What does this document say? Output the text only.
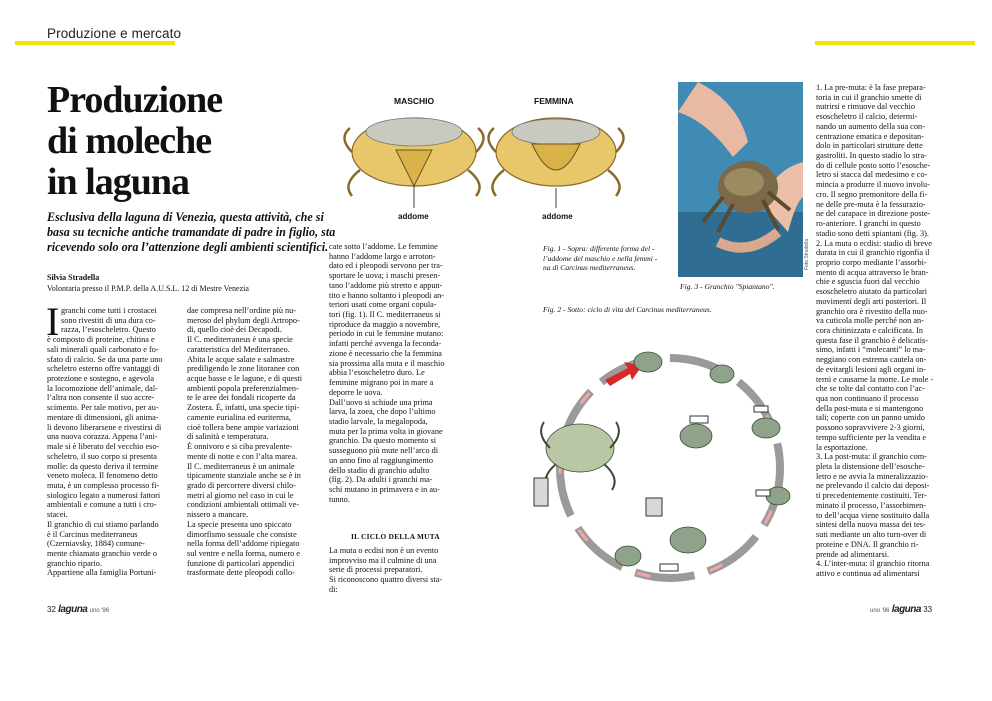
Produzione e mercato
Produzione
di moleche
in laguna
Esclusiva della laguna di Venezia, questa attività, che si
basa su tecniche antiche tramandate di padre in figlio, sta
ricevendo solo ora l’attenzione degli ambienti scientifici.
Silvia Stradella
Volontaria presso il P.M.P. della A.U.S.L. 12 di Mestre Venezia
I granchi come tutti i crostacei
sono rivestiti di una dura co-
razza, l’esoscheletro. Questo
è composto di proteine, chitina e
sali minerali quali carbonato e fo-
sfato di calcio. Se da una parte uno
scheletro esterno offre vantaggi di
protezione e sostegno, e agevola
la locomozione dell’animale, dal-
l’altra non consente il suo accre-
scimento. Per tale motivo, per au-
mentare di dimensioni, gli anima-
li devono liberarsene e rivestirsi di
una nuova corazza. Appena l’ani-
male si è liberato del vecchio eso-
scheletro, il suo corpo si presenta
molle: da questo deriva il termine
veneto moleca. Il fenomeno detto
muta, è un complesso processo fi-
siologico legato a numerosi fattori
ambientali e comune a tutti i cro-
stacei.
Il granchio di cui stiamo parlando
è il Carcinus mediterraneus
(Czerniavsky, 1884) comune-
mente chiamato granchio verde o
granchio ripario.
Appartiene alla famiglia Portuni-
dae compresa nell’ordine più nu-
meroso del phylum degli Artropo-
di, quello cioè dei Decapodi.
Il C. mediterraneus è una specie
caratteristica del Mediterraneo.
Abita le acque salate e salmastre
prediligendo le zone litoranee con
acque basse e le lagune, e di questi
ambienti popola preferenzialmen-
te le aree dei fondali ricoperte da
Zostera. È, infatti, una specie tipi-
camente eurialina ed euriterma,
cioè tollera bene ampie variazioni
di salinità e temperatura.
È onnivoro e si ciba prevalente-
mente di notte e con l’alta marea.
Il C. mediterraneus è un animale
tipicamente stanziale anche se è in
grado di percorrere diversi chilo-
metri al giorno nel caso in cui le
condizioni ambientali ottimali ve-
nissero a mancare.
La specie presenta uno spiccato
dimorfismo sessuale che consiste
nella forma dell’addome ripiegato
sul ventre e nella forma, numero e
funzione di particolari appendici
trasformate dette pleopodi collo-
cate sotto l’addome. Le femmine
hanno l’addome largo e arroton-
dato ed i pleopodi servono per tra-
sportare le uova; i maschi presen-
tano l’addome più stretto e appun-
tito e hanno soltanto i pleopodi an-
teriori usati come organi copula-
tori (fig. 1). Il C. mediterraneus si
riproduce da maggio a novembre,
periodo in cui le femmine mutano:
infatti perché avvenga la feconda-
zione è necessario che la femmina
sia prossima alla muta e il maschio
abbia l’esoscheletro duro. Le
femmine migrano poi in mare a
deporre le uova.
Dall’uovo si schiude una prima
larva, la zoea, che dopo l’ultimo
stadio larvale, la megalopoda,
muta per la prima volta in giovane
granchio. Da questo momento si
susseguono più mute nell’arco di
un anno fino al raggiungimento
dello stadio di granchio adulto
(fig. 2). Da adulti i granchi ma-
schi mutano in primavera e in au-
tunno.
IL CICLO DELLA MUTA
La muta o ecdisi non è un evento
improvviso ma il culmine di una
serie di processi preparatori.
Si riconoscono quattro diversi sta-
di:
1. La pre-muta: è la fase prepara-
toria in cui il granchio smette di
nutrirsi e rimuove dal vecchio
esoscheletro il calcio, determi-
nando un aumento della sua con-
centrazione ematica e depositan-
dolo in particolari strutture dette
gastroliti. In questo stadio lo stra-
do di cellule posto sotto l’esosche-
letro si stacca dal medesimo e co-
mincia a produrre il nuovo involu-
cro. Il segno premonitore della fi-
ne delle pre-muta è la fessurazio-
ne del carapace in direzione poste-
ro-anteriore. I granchi in questo
stadio sono detti spiantani (fig. 3).
2. La muta o ecdisi: stadio di breve
durata in cui il granchio rigonfia il
proprio corpo mediante l’assorbi-
mento di acqua attraverso le bran-
chie e sguscia fuori dal vecchio
esoscheletro aiutato da particolari
movimenti degli arti posteriori. Il
granchio ora è rivestito della nuo-
va cuticola molle perché non an-
cora chitinizzata e calcificata. In
questa fase il granchio è delicatis-
simo, infatti i “molecanti” lo ma-
neggiano con estrema cautela on-
de evitargli lesioni agli organi in-
terni e causarne la morte. Le mole -
che se tolte dal contatto con l’ac-
qua non continuano il processo
della post-muta e si mantengono
tali; coperte con un panno umido
possono sopravvivere 2-3 giorni,
tempo sufficiente per la vendita e
la esportazione.
3. La post-muta: il granchio com-
pleta la distensione dell’esosche-
letro e ne avvia la mineralizzazio-
ne prelevando il calcio dai deposi-
ti precedentemente costituiti. Ter-
minato il processo, l’assorbimen-
to dell’acqua viene sostituito dalla
sintesi della nuova massa dei tes-
suti mediante un alto turn-over di
proteine e DNA. Il granchio ri-
prende ad alimentarsi.
4. L’inter-muta: il granchio ritorna
attivo e continua ad alimentarsi
MASCHIO	FEMMINA
addome	addome
Fig. 1 - Sopra: differente forma del -
l’addome del maschio e nella femmi -
na di Carcinus mediterraneus.	Foto Stradella
Fig. 3 - Granchio "Spiantano".
Fig. 2 - Sotto: ciclo di vita del Carcinus mediterraneus.
32 laguna uno '96	uno '96 laguna 33
